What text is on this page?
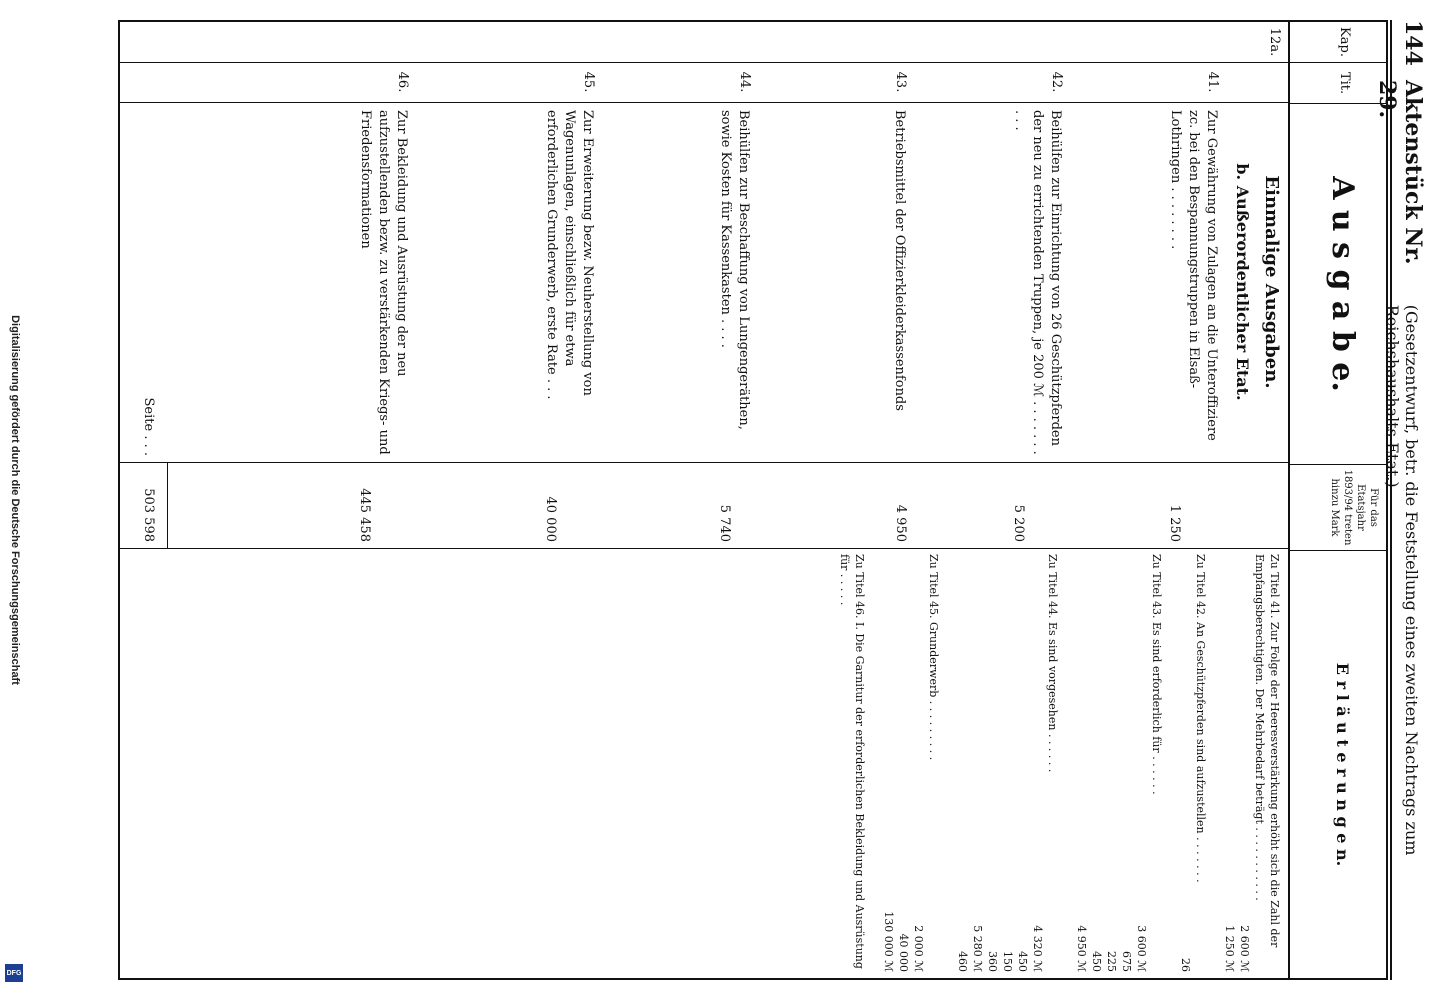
Digitalisierung gefördert durch die Deutsche Forschungsgemeinschaft
DFG
144
Aktenstück Nr. 29.
(Gesetzentwurf, betr. die Feststellung eines zweiten Nachtrags zum Reichshaushalts-Etat.)
Kap.
Tit.
A u s g a b e.
Für das Etatsjahr 1893/94 treten hinzu Mark
E r l ä u t e r u n g e n.
12a.
Einmalige Ausgaben.
b. Außerordentlicher Etat.
41.
Zur Gewährung von Zulagen an die Unteroffiziere zc. bei den Bespannungstruppen in Elsaß-Lothringen . . . . . . . .
1 250
42.
Beihülfen zur Einrichtung von 26 Geschützpferden der neu zu errichtenden Truppen, je 200 ℳ . . . . . . . . . .
5 200
43.
Betriebsmittel der Offizierkleiderkassenfonds
4 950
44.
Beihülfen zur Beschaffung von Lungengeräthen, sowie Kosten für Kassenkasten . . . .
5 740
45.
Zur Erweiterung bezw. Neuherstellung von Wagenunlagen, einschließlich für etwa erforderlichen Grunderwerb, erste Rate . . .
40 000
46.
Zur Bekleidung und Ausrüstung der neu aufzustellenden bezw. zu verstärkenden Kriegs- und Friedensformationen
445 458
Seite . . .
503 598
Zu Titel 41. Zur Folge der Heeresverstärkung erhöht sich die Zahl der Empfangsberechtigten. Der Mehrbedarf beträgt . . . . . . . . . . .
2 600 ℳ
1 250 ℳ
Zu Titel 42. An Geschützpferden sind aufzustellen . . . . . . .
26
Zu Titel 43. Es sind erforderlich für . . . . . .
3 600 ℳ
675
225
450
4 950 ℳ
Zu Titel 44. Es sind vorgesehen . . . . . .
4 320 ℳ
450
150
360
5 280 ℳ
460
Zu Titel 45. Grunderwerb . . . . . . . . .
2 000 ℳ
40 000
130 000 ℳ
Zu Titel 46. I. Die Garnitur der erforderlichen Bekleidung und Ausrüstung für . . . . .
